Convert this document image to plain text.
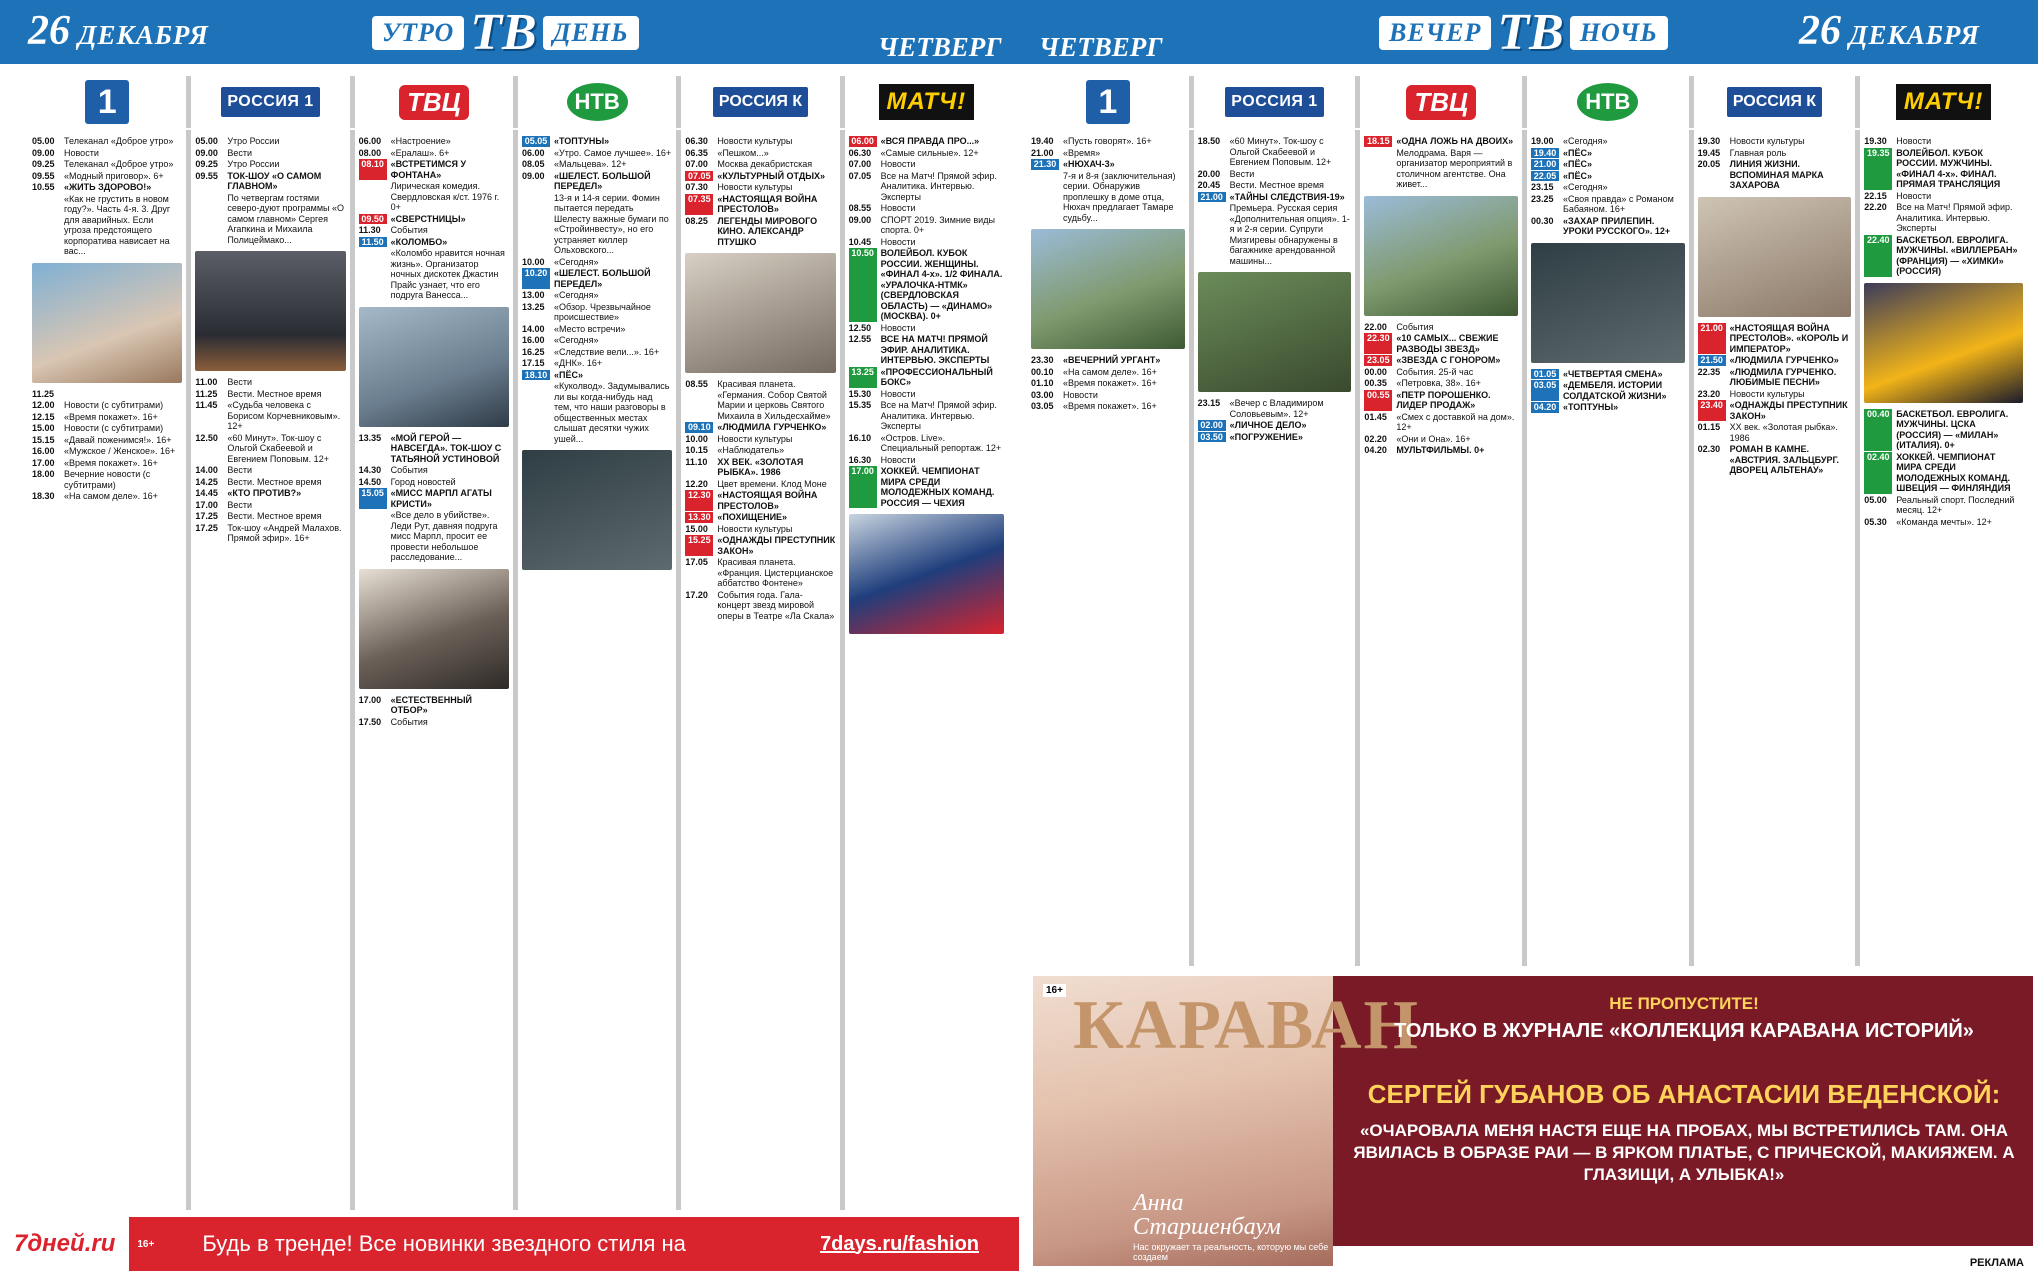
26 ДЕКАБРЯ	УТРО ТВ ДЕНЬ	ЧЕТВЕРГ
1	РОССИЯ 1	ТВЦ	НТВ	РОССИЯ К	МАТЧ!
05.00	Телеканал «Доброе утро»
09.00	Новости
09.25	Телеканал «Доброе утро»
09.55	«Модный приговор». 6+
10.55	«ЖИТЬ ЗДОРОВО!»
«Как не грустить в новом году?». Часть 4-я. 3. Друг для аварийных. Если угроза предстоящего корпоратива нависает на вас...
11.25
12.00	Новости (с субтитрами)
12.15	«Время покажет». 16+
15.00	Новости (с субтитрами)
15.15	«Давай поженимся!». 16+
16.00	«Мужское / Женское». 16+
17.00	«Время покажет». 16+
18.00	Вечерние новости (с субтитрами)
18.30	«На самом деле». 16+
05.00	Утро России
09.00	Вести
09.25	Утро России
09.55	ТОК-ШОУ «О САМОМ ГЛАВНОМ»
По четвергам гостями северо-дуют программы «О самом главном» Сергея Агапкина и Михаила Полицеймако...
11.00	Вести
11.25	Вести. Местное время
11.45	«Судьба человека с Борисом Корчевниковым». 12+
12.50	«60 Минут». Ток-шоу с Ольгой Скабеевой и Евгением Поповым. 12+
14.00	Вести
14.25	Вести. Местное время
14.45	«КТО ПРОТИВ?»
17.00	Вести
17.25	Вести. Местное время
17.25	Ток-шоу «Андрей Малахов. Прямой эфир». 16+
06.00	«Настроение»
08.00	«Ералаш». 6+
08.10 «ВСТРЕТИМСЯ У ФОНТАНА»
Лирическая комедия. Свердловская к/ст. 1976 г. 0+
09.50 «СВЕРСТНИЦЫ»
11.30	События
11.50 «КОЛОМБО»
«Коломбо нравится ночная жизнь». Организатор ночных дискотек Джастин Прайс узнает, что его подруга Ванесса...
13.35	«МОЙ ГЕРОЙ — НАВСЕГДА». ТОК-ШОУ С ТАТЬЯНОЙ УСТИНОВОЙ
14.30	События
14.50	Город новостей
15.05 «МИСС МАРПЛ АГАТЫ КРИСТИ»
«Все дело в убийстве». Леди Рут, давняя подруга мисс Марпл, просит ее провести небольшое расследование...
17.00	«ЕСТЕСТВЕННЫЙ ОТБОР»
17.50	События
05.05 «ТОПТУНЫ»
06.00	«Утро. Самое лучшее». 16+
08.05	«Мальцева». 12+
09.00	«ШЕЛЕСТ. БОЛЬШОЙ ПЕРЕДЕЛ»
13-я и 14-я серии. Фомин пытается передать Шелесту важные бумаги по «Стройинвесту», но его устраняет киллер Ольховского...
10.00	«Сегодня»
10.20 «ШЕЛЕСТ. БОЛЬШОЙ ПЕРЕДЕЛ»
13.00	«Сегодня»
13.25	«Обзор. Чрезвычайное происшествие»
14.00	«Место встречи»
16.00	«Сегодня»
16.25	«Следствие вели...». 16+
17.15	«ДНК». 16+
18.10 «ПЁС»
«Куколвод». Задумывались ли вы когда-нибудь над тем, что наши разговоры в общественных местах слышат десятки чужих ушей...
06.30	Новости культуры
06.35	«Пешком...»
07.00	Москва декабристская
07.05 «КУЛЬТУРНЫЙ ОТДЫХ»
07.30	Новости культуры
07.35 «НАСТОЯЩАЯ ВОЙНА ПРЕСТОЛОВ»
08.25	ЛЕГЕНДЫ МИРОВОГО КИНО. АЛЕКСАНДР ПТУШКО
08.55	Красивая планета. «Германия. Собор Святой Марии и церковь Святого Михаила в Хильдесхайме»
09.10 «ЛЮДМИЛА ГУРЧЕНКО»
10.00	Новости культуры
10.15	«Наблюдатель»
11.10	ХХ ВЕК. «ЗОЛОТАЯ РЫБКА». 1986
12.20	Цвет времени. Клод Моне
12.30 «НАСТОЯЩАЯ ВОЙНА ПРЕСТОЛОВ»
13.30 «ПОХИЩЕНИЕ»
15.00	Новости культуры
15.25 «ОДНАЖДЫ ПРЕСТУПНИК ЗАКОН»
17.05	Красивая планета. «Франция. Цистерцианское аббатство Фонтене»
17.20	События года. Гала-концерт звезд мировой оперы в Театре «Ла Скала»
06.00 «ВСЯ ПРАВДА ПРО...»
06.30	«Самые сильные». 12+
07.00	Новости
07.05	Все на Матч! Прямой эфир. Аналитика. Интервью. Эксперты
08.55	Новости
09.00	СПОРТ 2019. Зимние виды спорта. 0+
10.45	Новости
10.50 ВОЛЕЙБОЛ. КУБОК РОССИИ. ЖЕНЩИНЫ. «ФИНАЛ 4-х». 1/2 ФИНАЛА. «УРАЛОЧКА-НТМК» (СВЕРДЛОВСКАЯ ОБЛАСТЬ) — «ДИНАМО» (МОСКВА). 0+
12.50	Новости
12.55	ВСЕ НА МАТЧ! ПРЯМОЙ ЭФИР. АНАЛИТИКА. ИНТЕРВЬЮ. ЭКСПЕРТЫ
13.25 «ПРОФЕССИОНАЛЬНЫЙ БОКС»
15.30	Новости
15.35	Все на Матч! Прямой эфир. Аналитика. Интервью. Эксперты
16.10	«Остров. Live». Специальный репортаж. 12+
16.30	Новости
17.00 ХОККЕЙ. ЧЕМПИОНАТ МИРА СРЕДИ МОЛОДЕЖНЫХ КОМАНД. РОССИЯ — ЧЕХИЯ
РЕКЛАМА 7дней.ru	16+	Будь в тренде! Все новинки звездного стиля на	7days.ru/fashion
ЧЕТВЕРГ	ВЕЧЕР ТВ НОЧЬ	26 ДЕКАБРЯ
1	РОССИЯ 1	ТВЦ	НТВ	РОССИЯ К	МАТЧ!
19.40	«Пусть говорят». 16+
21.00	«Время»
21.30 «НЮХАЧ-3»
7-я и 8-я (заключительная) серии. Обнаружив проплешку в доме отца, Нюхач предлагает Тамаре судьбу...
23.30	«ВЕЧЕРНИЙ УРГАНТ»
00.10	«На самом деле». 16+
01.10	«Время покажет». 16+
03.00	Новости
03.05	«Время покажет». 16+
18.50	«60 Минут». Ток-шоу с Ольгой Скабеевой и Евгением Поповым. 12+
20.00	Вести
20.45	Вести. Местное время
21.00 «ТАЙНЫ СЛЕДСТВИЯ-19»
Премьера. Русская серия «Дополнительная опция». 1-я и 2-я серии. Супруги Мизгиревы обнаружены в багажнике арендованной машины...
23.15	«Вечер с Владимиром Соловьевым». 12+
02.00 «ЛИЧНОЕ ДЕЛО»
03.50 «ПОГРУЖЕНИЕ»
18.15 «ОДНА ЛОЖЬ НА ДВОИХ»
Мелодрама. Варя — организатор мероприятий в столичном агентстве. Она живет...
22.00	События
22.30 «10 САМЫХ... СВЕЖИЕ РАЗВОДЫ ЗВЕЗД»
23.05 «ЗВЕЗДА С ГОНОРОМ»
00.00	События. 25-й час
00.35	«Петровка, 38». 16+
00.55 «ПЕТР ПОРОШЕНКО. ЛИДЕР ПРОДАЖ»
01.45	«Смех с доставкой на дом». 12+
02.20	«Они и Онa». 16+
04.20	МУЛЬТФИЛЬМЫ. 0+
19.00	«Сегодня»
19.40 «ПЁС»
21.00 «ПЁС»
22.05 «ПЁС»
23.15	«Сегодня»
23.25	«Своя правда» с Романом Бабаяном. 16+
00.30	«ЗАХАР ПРИЛЕПИН. УРОКИ РУССКОГО». 12+
01.05 «ЧЕТВЕРТАЯ СМЕНА»
03.05 «ДЕМБЕЛЯ. ИСТОРИИ СОЛДАТСКОЙ ЖИЗНИ»
04.20 «ТОПТУНЫ»
19.30	Новости культуры
19.45	Главная роль
20.05	ЛИНИЯ ЖИЗНИ. ВСПОМИНАЯ МАРКА ЗАХАРОВА
21.00 «НАСТОЯЩАЯ ВОЙНА ПРЕСТОЛОВ». «КОРОЛЬ И ИМПЕРАТОР»
21.50 «ЛЮДМИЛА ГУРЧЕНКО»
22.35	«ЛЮДМИЛА ГУРЧЕНКО. ЛЮБИМЫЕ ПЕСНИ»
23.20	Новости культуры
23.40 «ОДНАЖДЫ ПРЕСТУПНИК ЗАКОН»
01.15	ХХ век. «Золотая рыбка». 1986
02.30	РОМАН В КАМНЕ. «АВСТРИЯ. ЗАЛЬЦБУРГ. ДВОРЕЦ АЛЬТЕНАУ»
19.30	Новости
19.35 ВОЛЕЙБОЛ. КУБОК РОССИИ. МУЖЧИНЫ. «ФИНАЛ 4-х». ФИНАЛ. ПРЯМАЯ ТРАНСЛЯЦИЯ
22.15	Новости
22.20	Все на Матч! Прямой эфир. Аналитика. Интервью. Эксперты
22.40 БАСКЕТБОЛ. ЕВРОЛИГА. МУЖЧИНЫ. «ВИЛЛЕРБАН» (ФРАНЦИЯ) — «ХИМКИ» (РОССИЯ)
00.40 БАСКЕТБОЛ. ЕВРОЛИГА. МУЖЧИНЫ. ЦСКА (РОССИЯ) — «МИЛАН» (ИТАЛИЯ). 0+
02.40 ХОККЕЙ. ЧЕМПИОНАТ МИРА СРЕДИ МОЛОДЕЖНЫХ КОМАНД. ШВЕЦИЯ — ФИНЛЯНДИЯ
05.00	Реальный спорт. Последний месяц. 12+
05.30	«Команда мечты». 12+
16+ КАРАВАН
Анна Старшенбаум
Нас окружает та реальность, которую мы себе создаем
НЕ ПРОПУСТИТЕ!
ТОЛЬКО В ЖУРНАЛЕ «КОЛЛЕКЦИЯ КАРАВАНА ИСТОРИЙ»
СЕРГЕЙ ГУБАНОВ ОБ АНАСТАСИИ ВЕДЕНСКОЙ:
«ОЧАРОВАЛА МЕНЯ НАСТЯ ЕЩЕ НА ПРОБАХ, МЫ ВСТРЕТИЛИСЬ ТАМ. ОНА ЯВИЛАСЬ В ОБРАЗЕ РАИ — В ЯРКОМ ПЛАТЬЕ, С ПРИЧЕСКОЙ, МАКИЯЖЕМ. А ГЛАЗИЩИ, А УЛЫБКА!»
РЕКЛАМА
